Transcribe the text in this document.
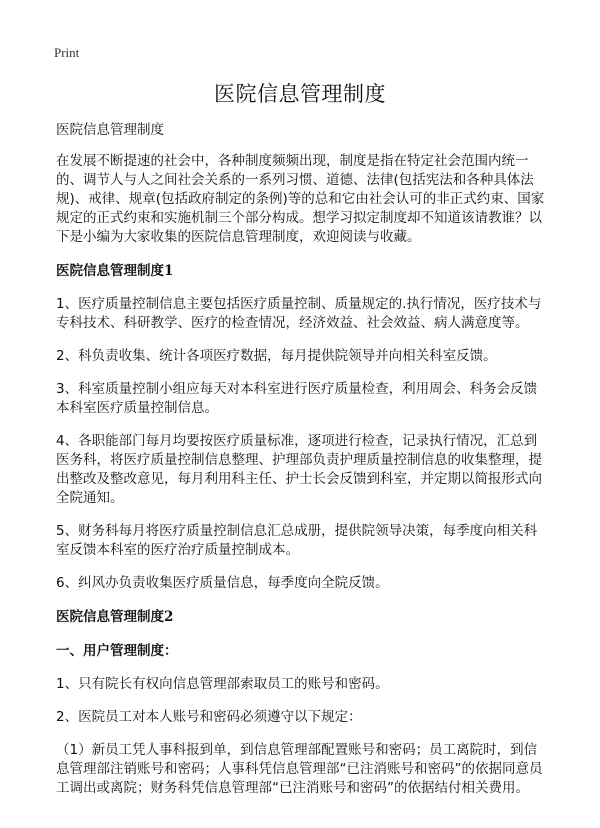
Print
医院信息管理制度

医院信息管理制度

在发展不断提速的社会中，各种制度频频出现，制度是指在特定社会范围内统一的、调节人与人之间社会关系的一系列习惯、道德、法律(包括宪法和各种具体法规)、戒律、规章(包括政府制定的条例)等的总和它由社会认可的非正式约束、国家规定的正式约束和实施机制三个部分构成。想学习拟定制度却不知道该请教谁？以下是小编为大家收集的医院信息管理制度，欢迎阅读与收藏。

医院信息管理制度1

1、医疗质量控制信息主要包括医疗质量控制、质量规定的.执行情况，医疗技术与专科技术、科研教学、医疗的检查情况，经济效益、社会效益、病人满意度等。

2、科负责收集、统计各项医疗数据，每月提供院领导并向相关科室反馈。

3、科室质量控制小组应每天对本科室进行医疗质量检查，利用周会、科务会反馈本科室医疗质量控制信息。

4、各职能部门每月均要按医疗质量标准，逐项进行检查，记录执行情况，汇总到医务科，将医疗质量控制信息整理、护理部负责护理质量控制信息的收集整理，提出整改及整改意见，每月利用科主任、护士长会反馈到科室，并定期以简报形式向全院通知。

5、财务科每月将医疗质量控制信息汇总成册，提供院领导决策，每季度向相关科室反馈本科室的医疗治疗质量控制成本。

6、纠风办负责收集医疗质量信息，每季度向全院反馈。

医院信息管理制度2

一、用户管理制度：

1、只有院长有权向信息管理部索取员工的账号和密码。

2、医院员工对本人账号和密码必须遵守以下规定：

（1）新员工凭人事科报到单，到信息管理部配置账号和密码；员工离院时，到信息管理部注销账号和密码；人事科凭信息管理部“已注消账号和密码”的依据同意员工调出或离院；财务科凭信息管理部“已注消账号和密码”的依据结付相关费用。
